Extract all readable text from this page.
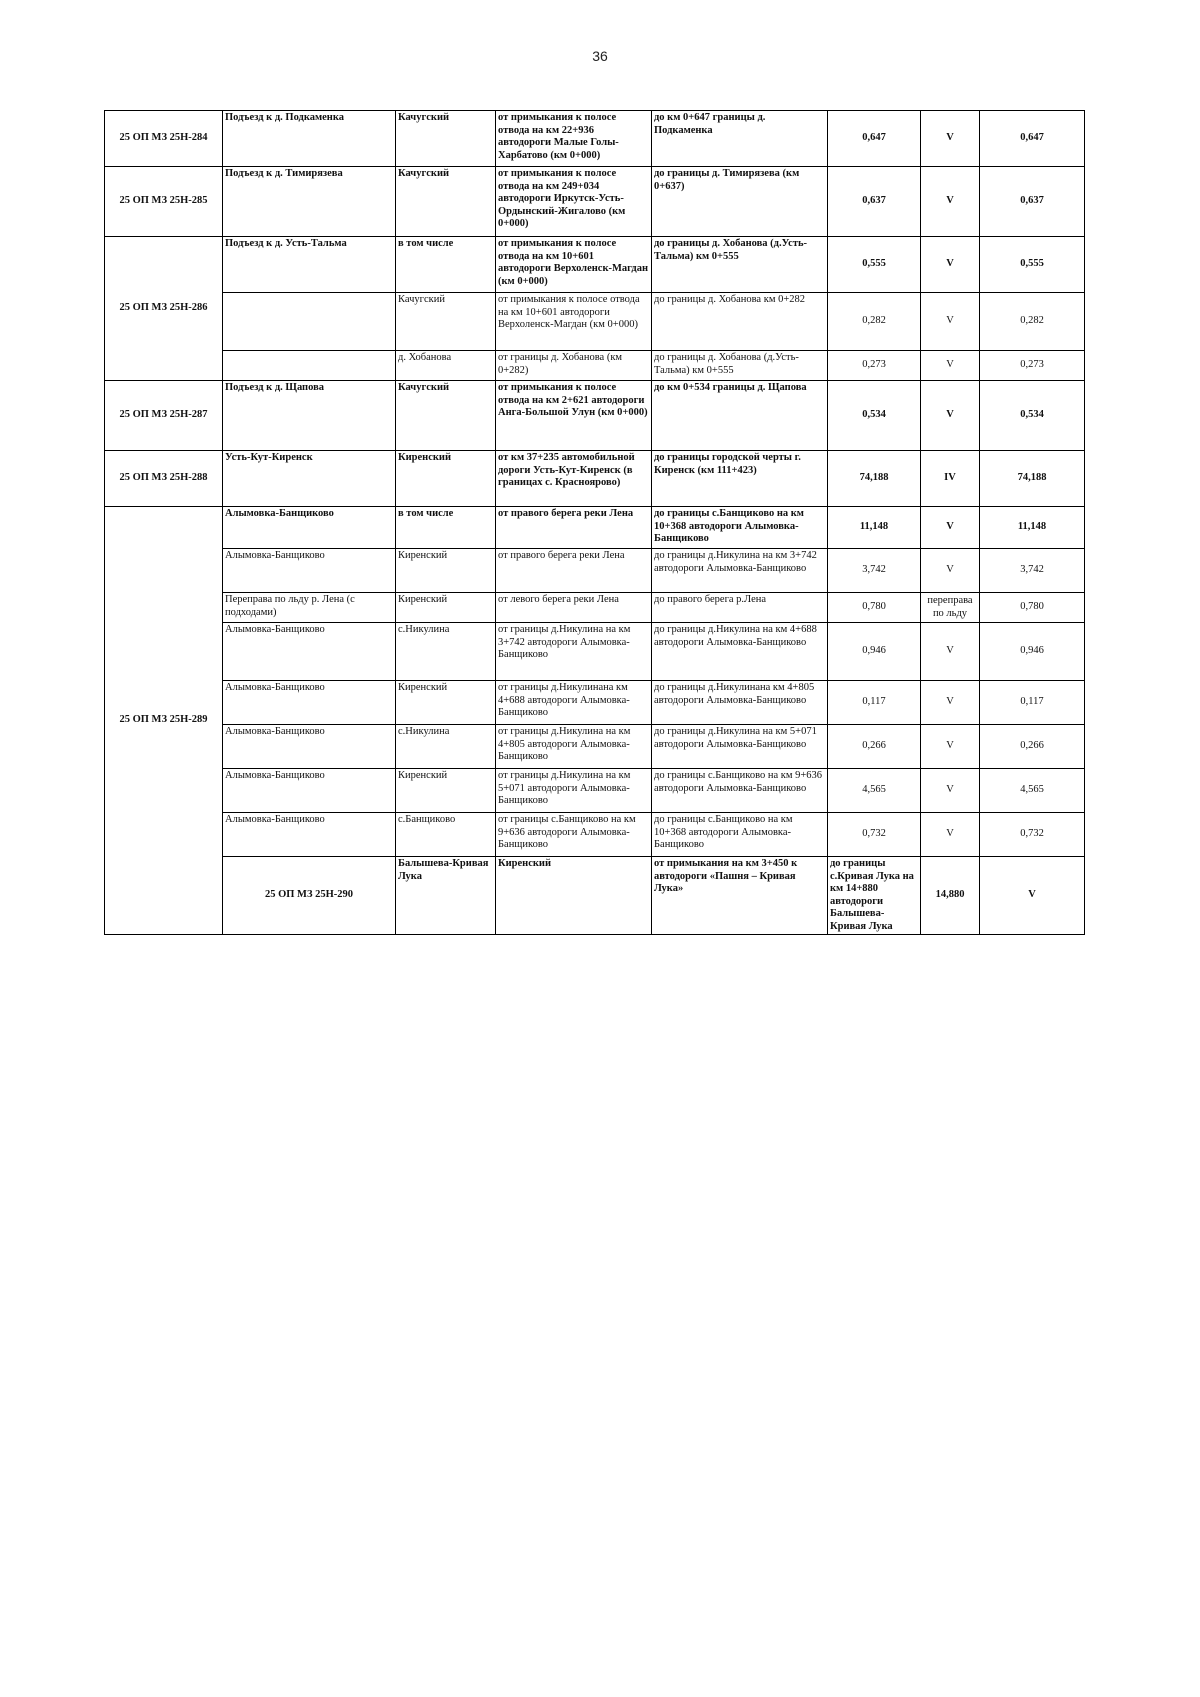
36
25 ОП МЗ 25Н-284	Подъезд к д. Подкаменка	Качугский	от примыкания к полосе отвода на км 22+936 автодороги Малые Голы-Харбатово (км 0+000)	до км 0+647 границы д. Подкаменка	0,647	V	0,647	
25 ОП МЗ 25Н-285	Подъезд к д. Тимирязева	Качугский	от примыкания к полосе отвода на км 249+034 автодороги Иркутск-Усть-Ордынский-Жигалово (км 0+000)	до границы д. Тимирязева (км 0+637)	0,637	V	0,637	
25 ОП МЗ 25Н-286	Подъезд к д. Усть-Тальма	в том числе	от примыкания к полосе отвода на км 10+601 автодороги Верхоленск-Магдан (км 0+000)	до границы д. Хобанова (д.Усть-Тальма) км 0+555	0,555	V	0,555	
		Качугский	от примыкания к полосе отвода на км 10+601 автодороги Верхоленск-Магдан (км 0+000)	до границы д. Хобанова км 0+282	0,282	V	0,282	
		д. Хобанова	от границы д. Хобанова (км 0+282)	до границы д. Хобанова (д.Усть-Тальма) км 0+555	0,273	V	0,273	
25 ОП МЗ 25Н-287	Подъезд к д. Щапова	Качугский	от примыкания к полосе отвода на км 2+621 автодороги Анга-Большой Улун (км 0+000)	до км 0+534 границы д. Щапова	0,534	V	0,534	
25 ОП МЗ 25Н-288	Усть-Кут-Киренск	Киренский	от км 37+235 автомобильной дороги Усть-Кут-Киренск (в границах с. Красноярово)	до границы городской черты г. Киренск (км 111+423)	74,188	IV	74,188	
25 ОП МЗ 25Н-289	Алымовка-Банщиково	в том числе	от правого берега реки Лена	до границы с.Банщиково на км 10+368 автодороги Алымовка-Банщиково	11,148	V	11,148	
	Алымовка-Банщиково	Киренский	от правого берега реки Лена	до границы д.Никулина на км 3+742 автодороги Алымовка-Банщиково	3,742	V	3,742	
	Переправа по льду р. Лена (с подходами)	Киренский	от левого берега реки Лена	до правого берега р.Лена	0,780	переправа по льду	0,780	
	Алымовка-Банщиково	с.Никулина	от границы д.Никулина на км 3+742 автодороги Алымовка-Банщиково	до границы д.Никулина на км 4+688 автодороги Алымовка-Банщиково	0,946	V	0,946	
	Алымовка-Банщиково	Киренский	от границы д.Никулинана км 4+688 автодороги Алымовка-Банщиково	до границы д.Никулинана км 4+805 автодороги Алымовка-Банщиково	0,117	V	0,117	
	Алымовка-Банщиково	с.Никулина	от границы д.Никулина на км 4+805 автодороги Алымовка-Банщиково	до границы д.Никулина на км 5+071 автодороги Алымовка-Банщиково	0,266	V	0,266	
	Алымовка-Банщиково	Киренский	от границы д.Никулина на км 5+071 автодороги Алымовка-Банщиково	до границы с.Банщиково на км 9+636 автодороги Алымовка-Банщиково	4,565	V	4,565	
	Алымовка-Банщиково	с.Банщиково	от границы с.Банщиково на км 9+636 автодороги Алымовка-Банщиково	до границы с.Банщиково на км 10+368 автодороги Алымовка-Банщиково	0,732	V	0,732	
	25 ОП МЗ 25Н-290	Балышева-Кривая Лука	Киренский	от примыкания на км 3+450 к автодороги «Пашня – Кривая Лука»	до границы с.Кривая Лука на км 14+880 автодороги Балышева-Кривая Лука	14,880	V	
